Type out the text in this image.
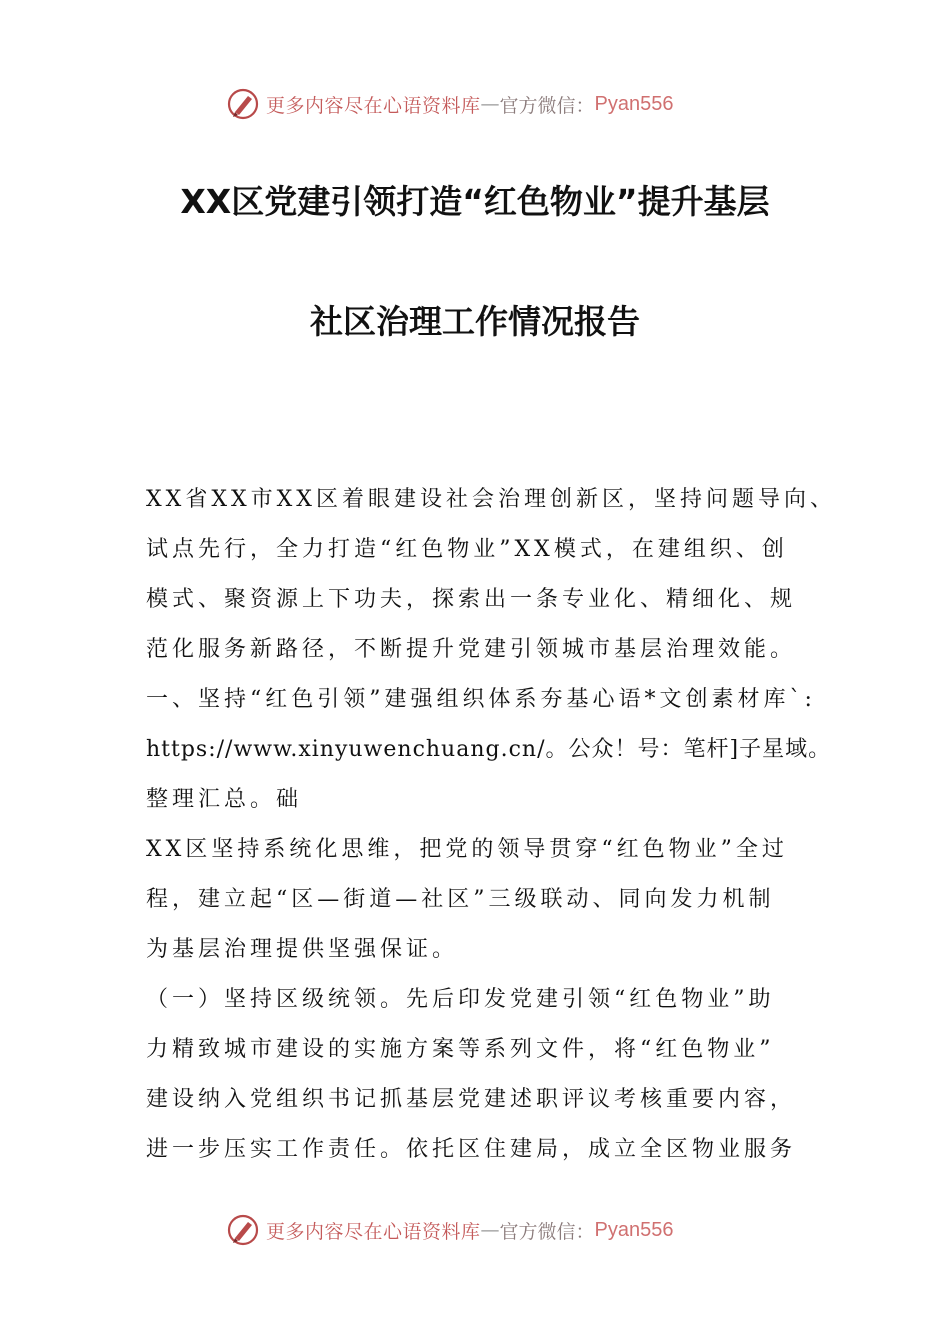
更多内容尽在心语资料库 — 官方微信： Pyan556
XX区党建引领打造“红色物业”提升基层
社区治理工作情况报告

XX省XX市XX区着眼建设社会治理创新区，坚持问题导向、

试点先行，全力打造“红色物业”XX模式，在建组织、创

模式、聚资源上下功夫，探索出一条专业化、精细化、规

范化服务新路径，不断提升党建引领城市基层治理效能。

一、坚持“红色引领”建强组织体系夯基心语*文创素材库`:

https://www.xinyuwenchuang.cn/。公众！号：笔杆]子星域。

整理汇总。础

XX区坚持系统化思维，把党的领导贯穿“红色物业”全过

程，建立起“区—街道—社区”三级联动、同向发力机制

为基层治理提供坚强保证。

（一）坚持区级统领。先后印发党建引领“红色物业”助

力精致城市建设的实施方案等系列文件，将“红色物业”

建设纳入党组织书记抓基层党建述职评议考核重要内容，

进一步压实工作责任。依托区住建局，成立全区物业服务

更多内容尽在心语资料库 — 官方微信： Pyan556
